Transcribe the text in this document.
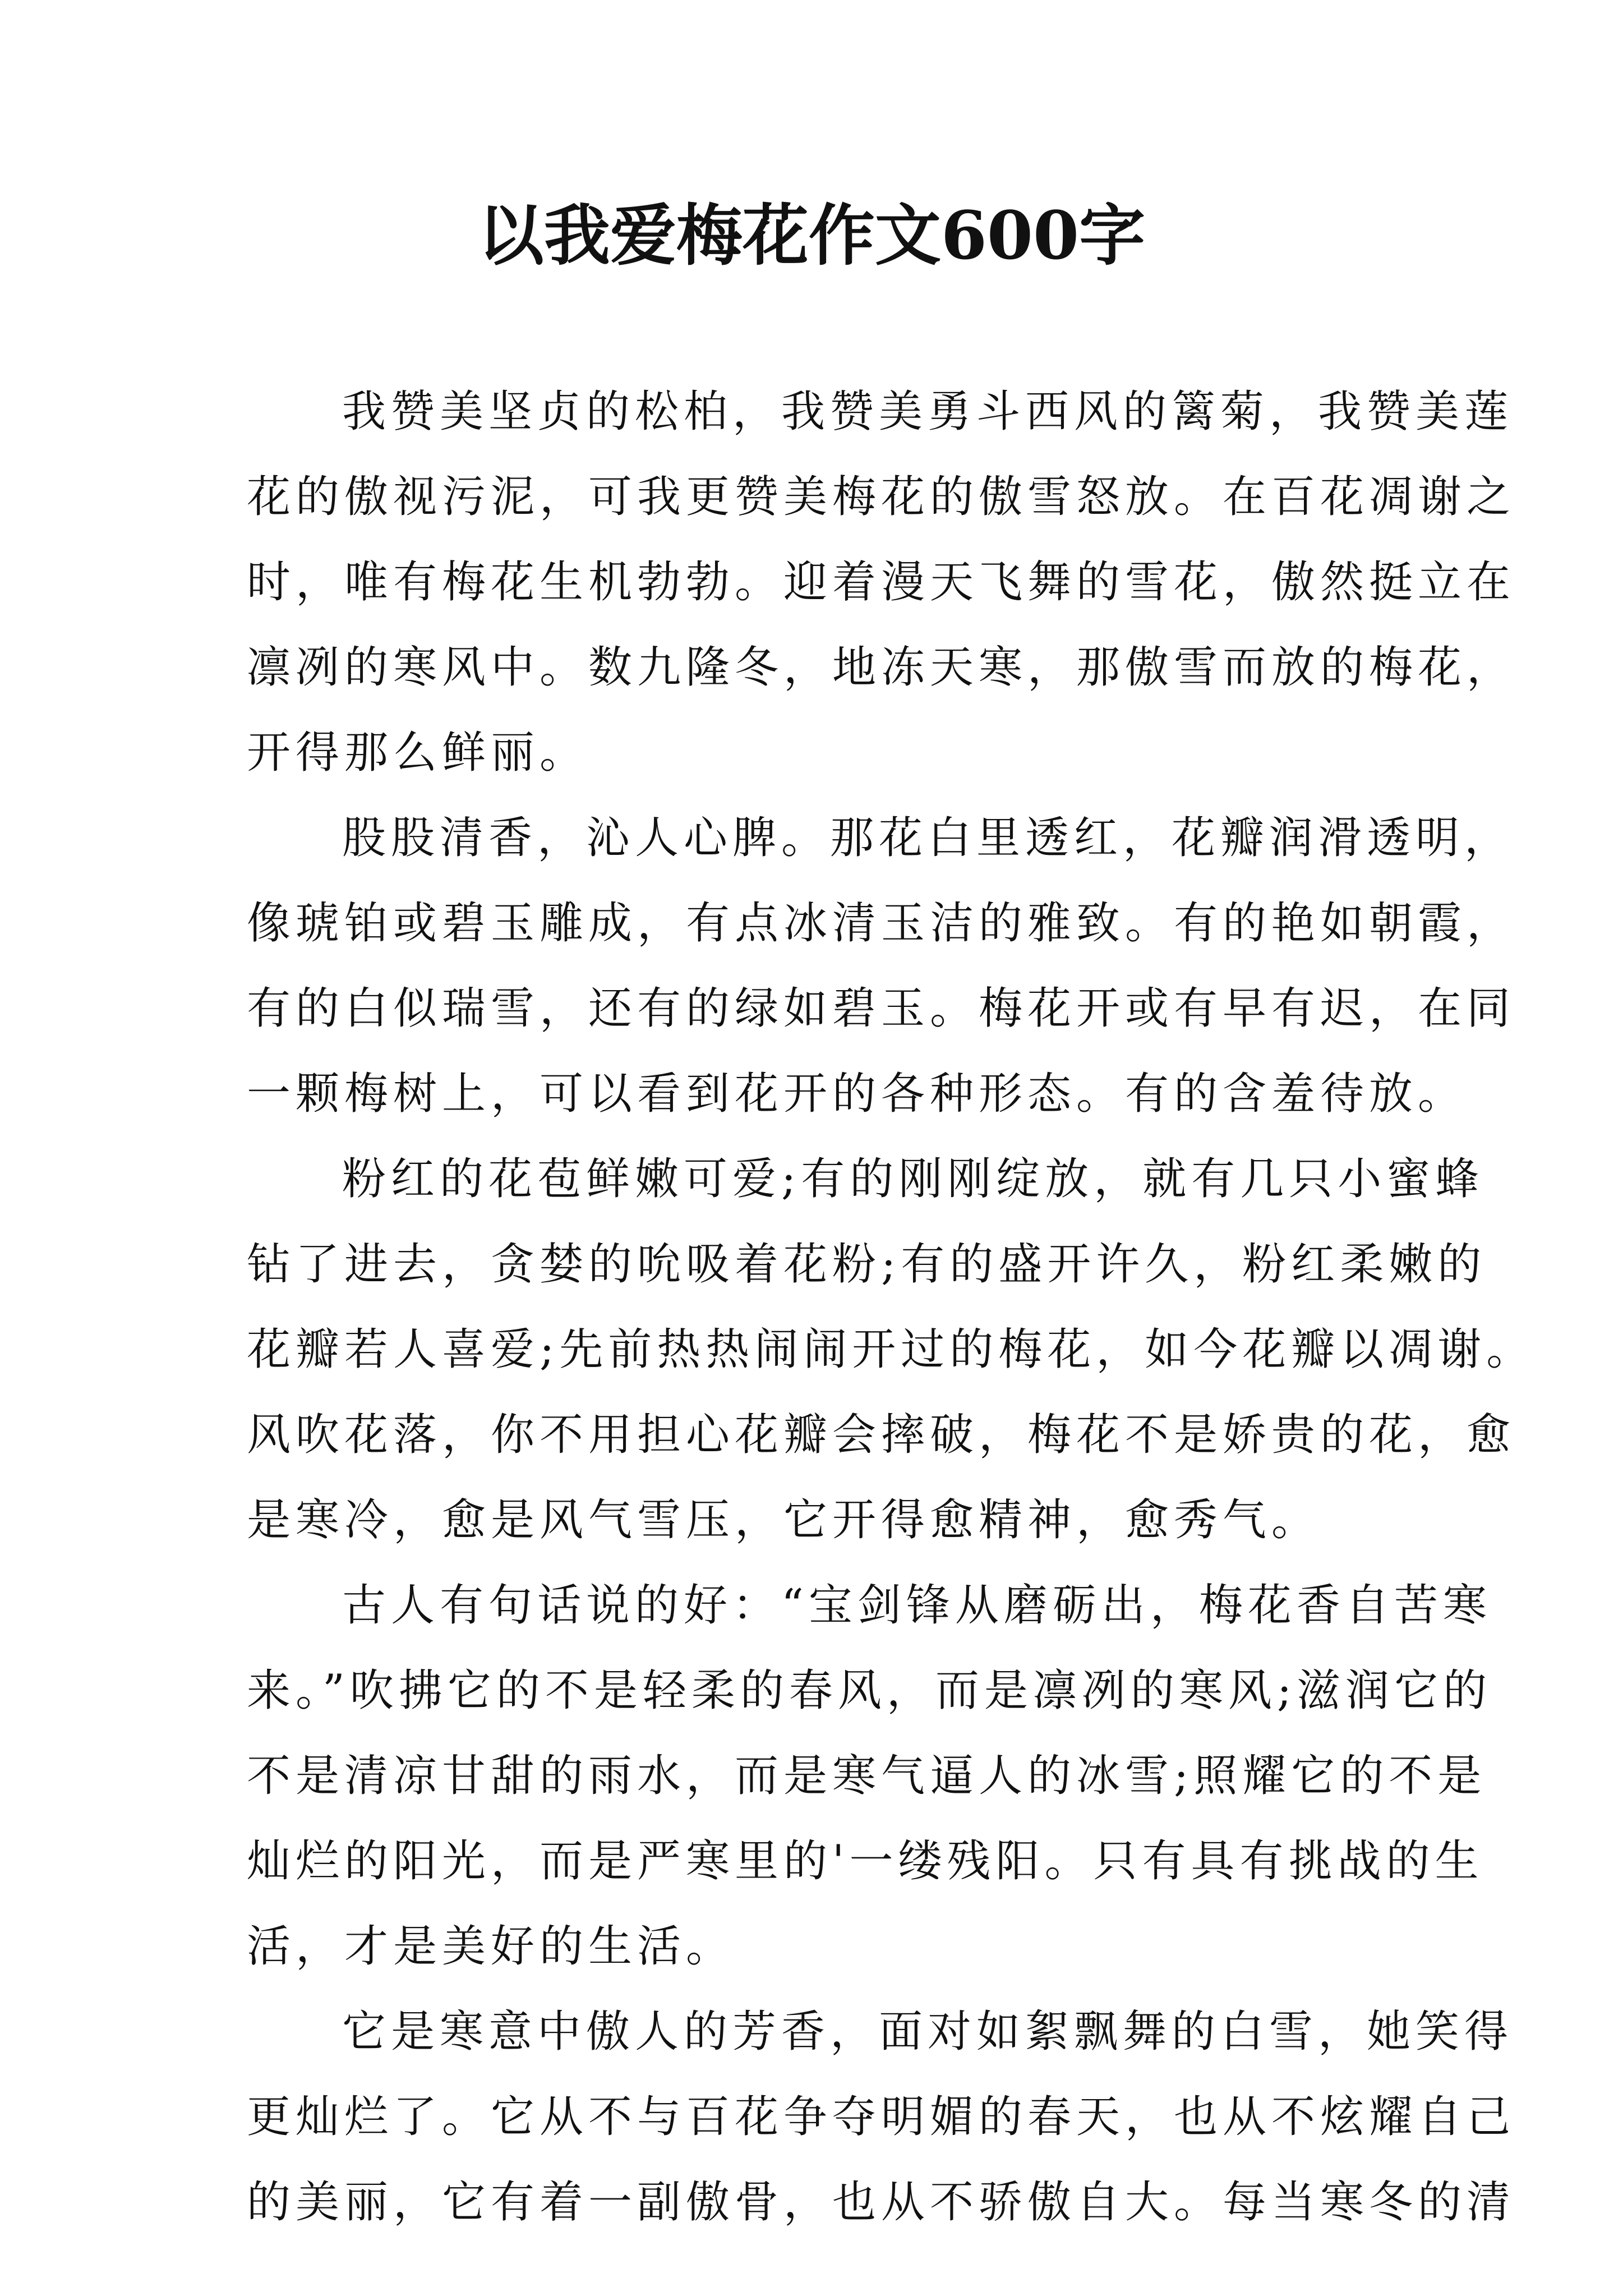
以我爱梅花作文600字
我赞美坚贞的松柏，我赞美勇斗西风的篱菊，我赞美莲
花的傲视污泥，可我更赞美梅花的傲雪怒放。在百花凋谢之
时，唯有梅花生机勃勃。迎着漫天飞舞的雪花，傲然挺立在
凛冽的寒风中。数九隆冬，地冻天寒，那傲雪而放的梅花，
开得那么鲜丽。
股股清香，沁人心脾。那花白里透红，花瓣润滑透明，
像琥铂或碧玉雕成，有点冰清玉洁的雅致。有的艳如朝霞，
有的白似瑞雪，还有的绿如碧玉。梅花开或有早有迟，在同
一颗梅树上，可以看到花开的各种形态。有的含羞待放。
粉红的花苞鲜嫩可爱;有的刚刚绽放，就有几只小蜜蜂
钻了进去，贪婪的吮吸着花粉;有的盛开许久，粉红柔嫩的
花瓣若人喜爱;先前热热闹闹开过的梅花，如今花瓣以凋谢。
风吹花落，你不用担心花瓣会摔破，梅花不是娇贵的花，愈
是寒冷，愈是风气雪压，它开得愈精神，愈秀气。
古人有句话说的好：“宝剑锋从磨砺出，梅花香自苦寒
来。”吹拂它的不是轻柔的春风，而是凛冽的寒风;滋润它的
不是清凉甘甜的雨水，而是寒气逼人的冰雪;照耀它的不是
灿烂的阳光，而是严寒里的'一缕残阳。只有具有挑战的生
活，才是美好的生活。
它是寒意中傲人的芳香，面对如絮飘舞的白雪，她笑得
更灿烂了。它从不与百花争夺明媚的春天，也从不炫耀自己
的美丽，它有着一副傲骨，也从不骄傲自大。每当寒冬的清
